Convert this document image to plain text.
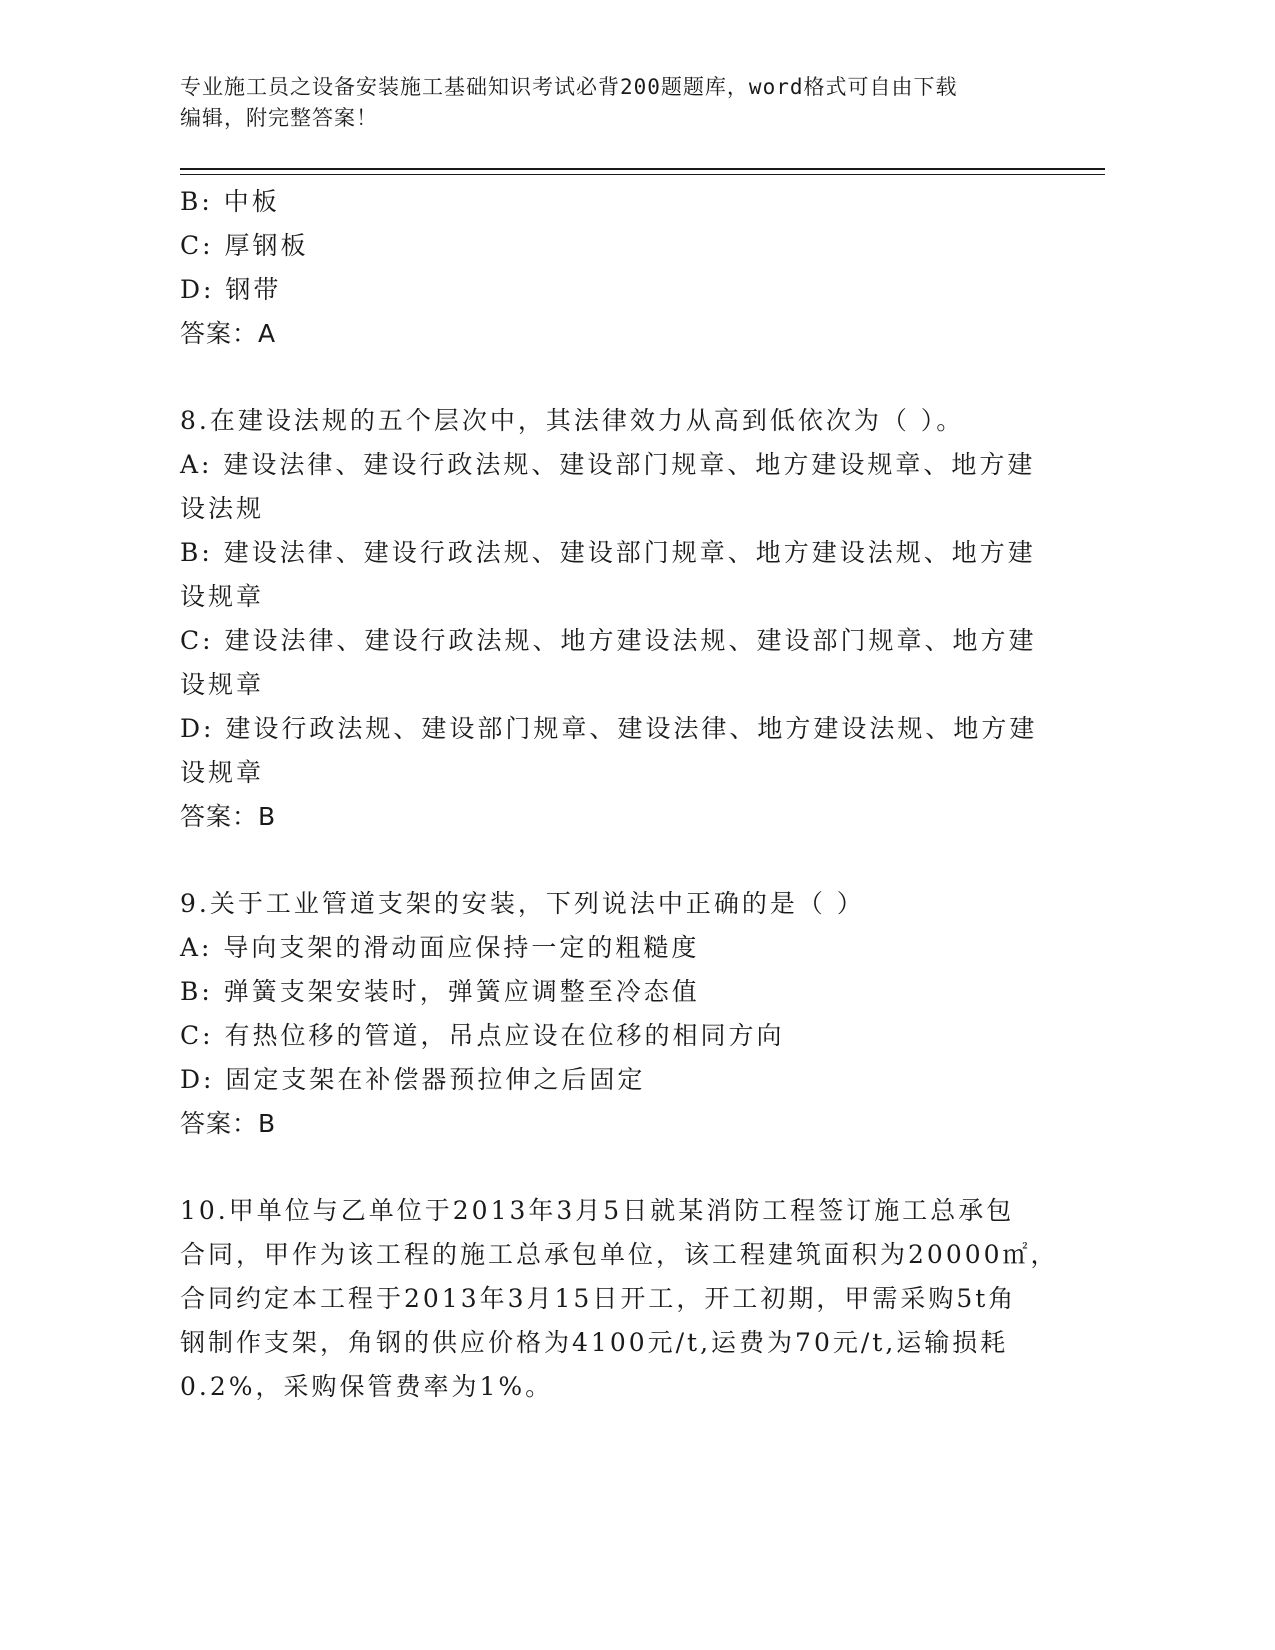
专业施工员之设备安装施工基础知识考试必背200题题库，word格式可自由下载
编辑，附完整答案！
B: 中板
C: 厚钢板
D: 钢带
答案：A
8.在建设法规的五个层次中，其法律效力从高到低依次为（ ）。
A: 建设法律、建设行政法规、建设部门规章、地方建设规章、地方建
设法规
B: 建设法律、建设行政法规、建设部门规章、地方建设法规、地方建
设规章
C: 建设法律、建设行政法规、地方建设法规、建设部门规章、地方建
设规章
D: 建设行政法规、建设部门规章、建设法律、地方建设法规、地方建
设规章
答案：B
9.关于工业管道支架的安装，下列说法中正确的是（ ）
A: 导向支架的滑动面应保持一定的粗糙度
B: 弹簧支架安装时，弹簧应调整至冷态值
C: 有热位移的管道，吊点应设在位移的相同方向
D: 固定支架在补偿器预拉伸之后固定
答案：B
10.甲单位与乙单位于2013年3月5日就某消防工程签订施工总承包
合同，甲作为该工程的施工总承包单位，该工程建筑面积为20000㎡，
合同约定本工程于2013年3月15日开工，开工初期，甲需采购5t角
钢制作支架，角钢的供应价格为4100元/t,运费为70元/t,运输损耗
0.2%，采购保管费率为1%。
